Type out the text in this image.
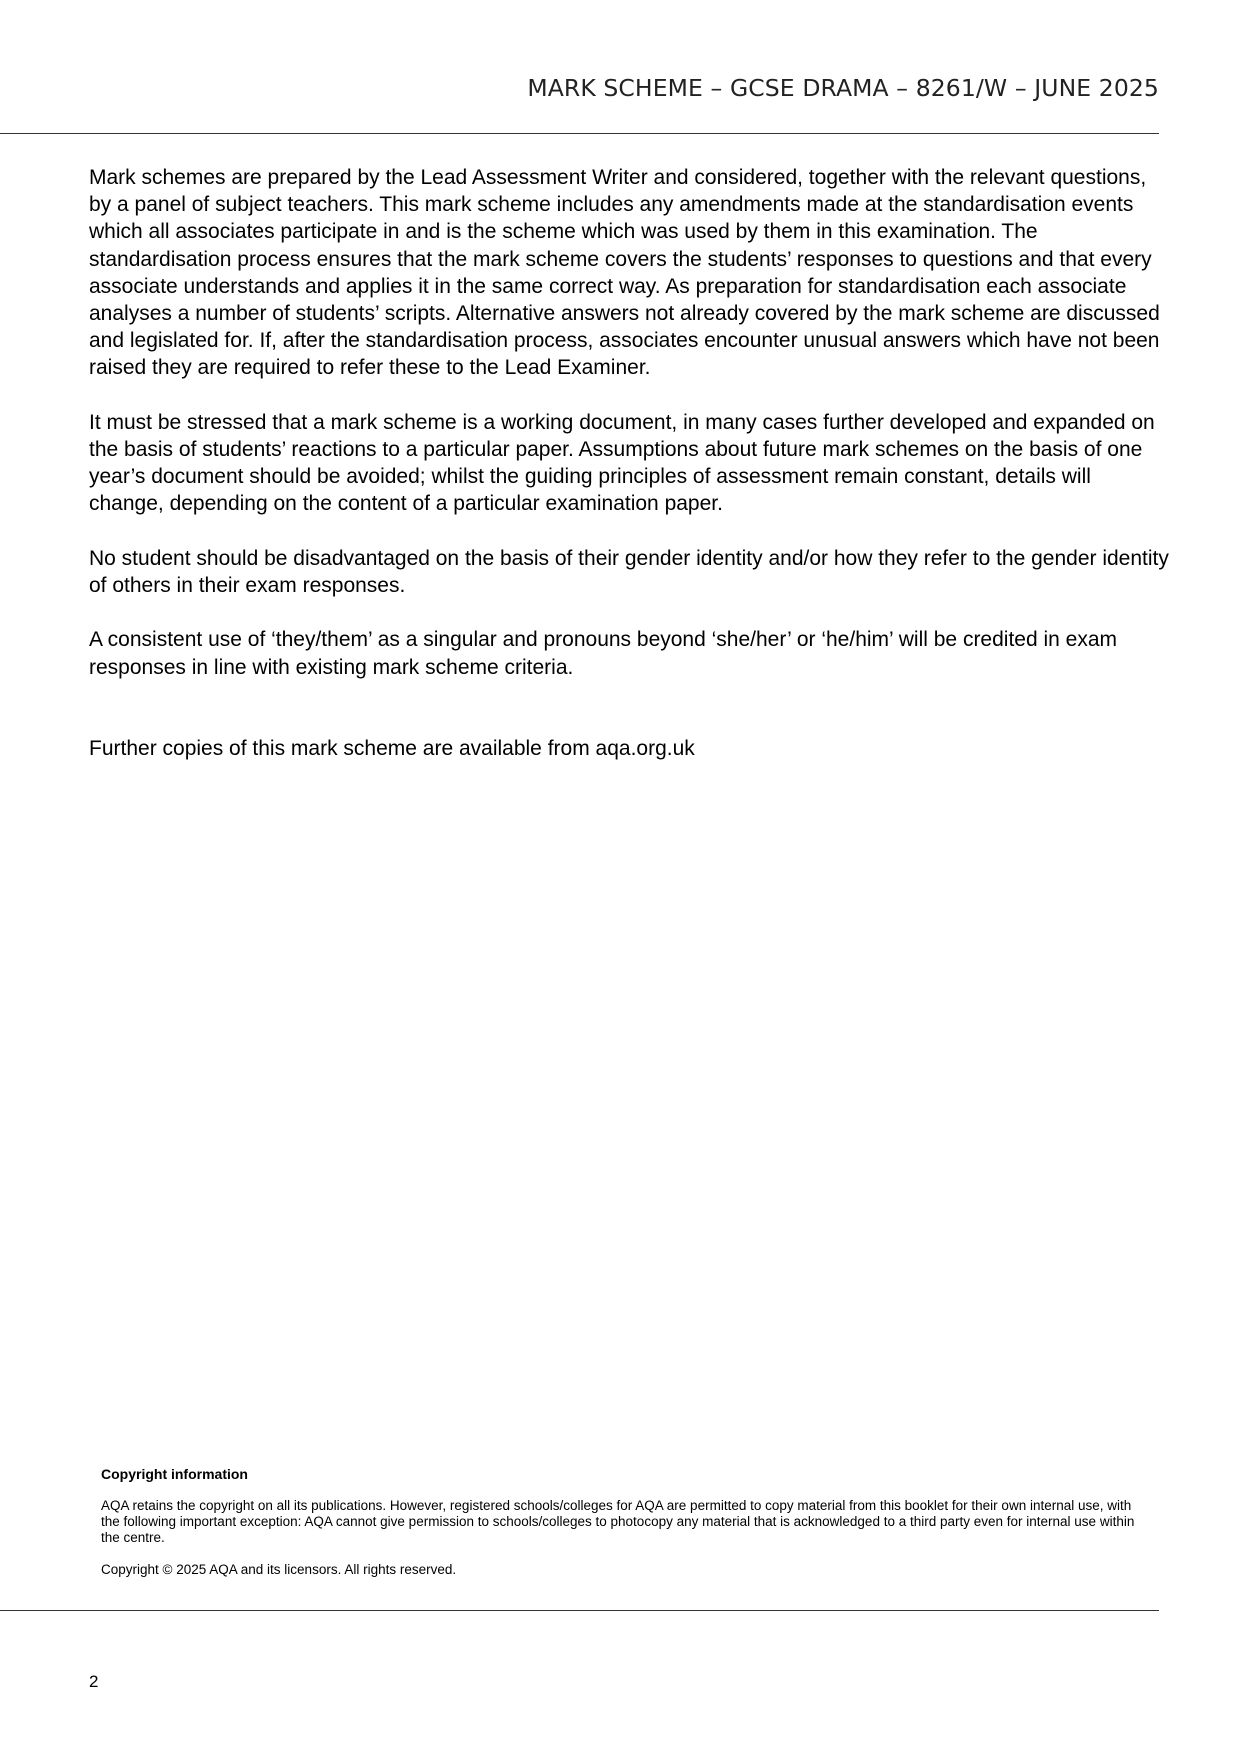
MARK SCHEME – GCSE DRAMA – 8261/W – JUNE 2025

Mark schemes are prepared by the Lead Assessment Writer and considered, together with the relevant questions, by a panel of subject teachers. This mark scheme includes any amendments made at the standardisation events which all associates participate in and is the scheme which was used by them in this examination. The standardisation process ensures that the mark scheme covers the students’ responses to questions and that every associate understands and applies it in the same correct way. As preparation for standardisation each associate analyses a number of students’ scripts. Alternative answers not already covered by the mark scheme are discussed and legislated for. If, after the standardisation process, associates encounter unusual answers which have not been raised they are required to refer these to the Lead Examiner.

It must be stressed that a mark scheme is a working document, in many cases further developed and expanded on the basis of students’ reactions to a particular paper. Assumptions about future mark schemes on the basis of one year’s document should be avoided; whilst the guiding principles of assessment remain constant, details will change, depending on the content of a particular examination paper.

No student should be disadvantaged on the basis of their gender identity and/or how they refer to the gender identity of others in their exam responses.

A consistent use of ‘they/them’ as a singular and pronouns beyond ‘she/her’ or ‘he/him’ will be credited in exam responses in line with existing mark scheme criteria.

Further copies of this mark scheme are available from aqa.org.uk

Copyright information

AQA retains the copyright on all its publications. However, registered schools/colleges for AQA are permitted to copy material from this booklet for their own internal use, with the following important exception: AQA cannot give permission to schools/colleges to photocopy any material that is acknowledged to a third party even for internal use within the centre.

Copyright © 2025 AQA and its licensors. All rights reserved.

2
